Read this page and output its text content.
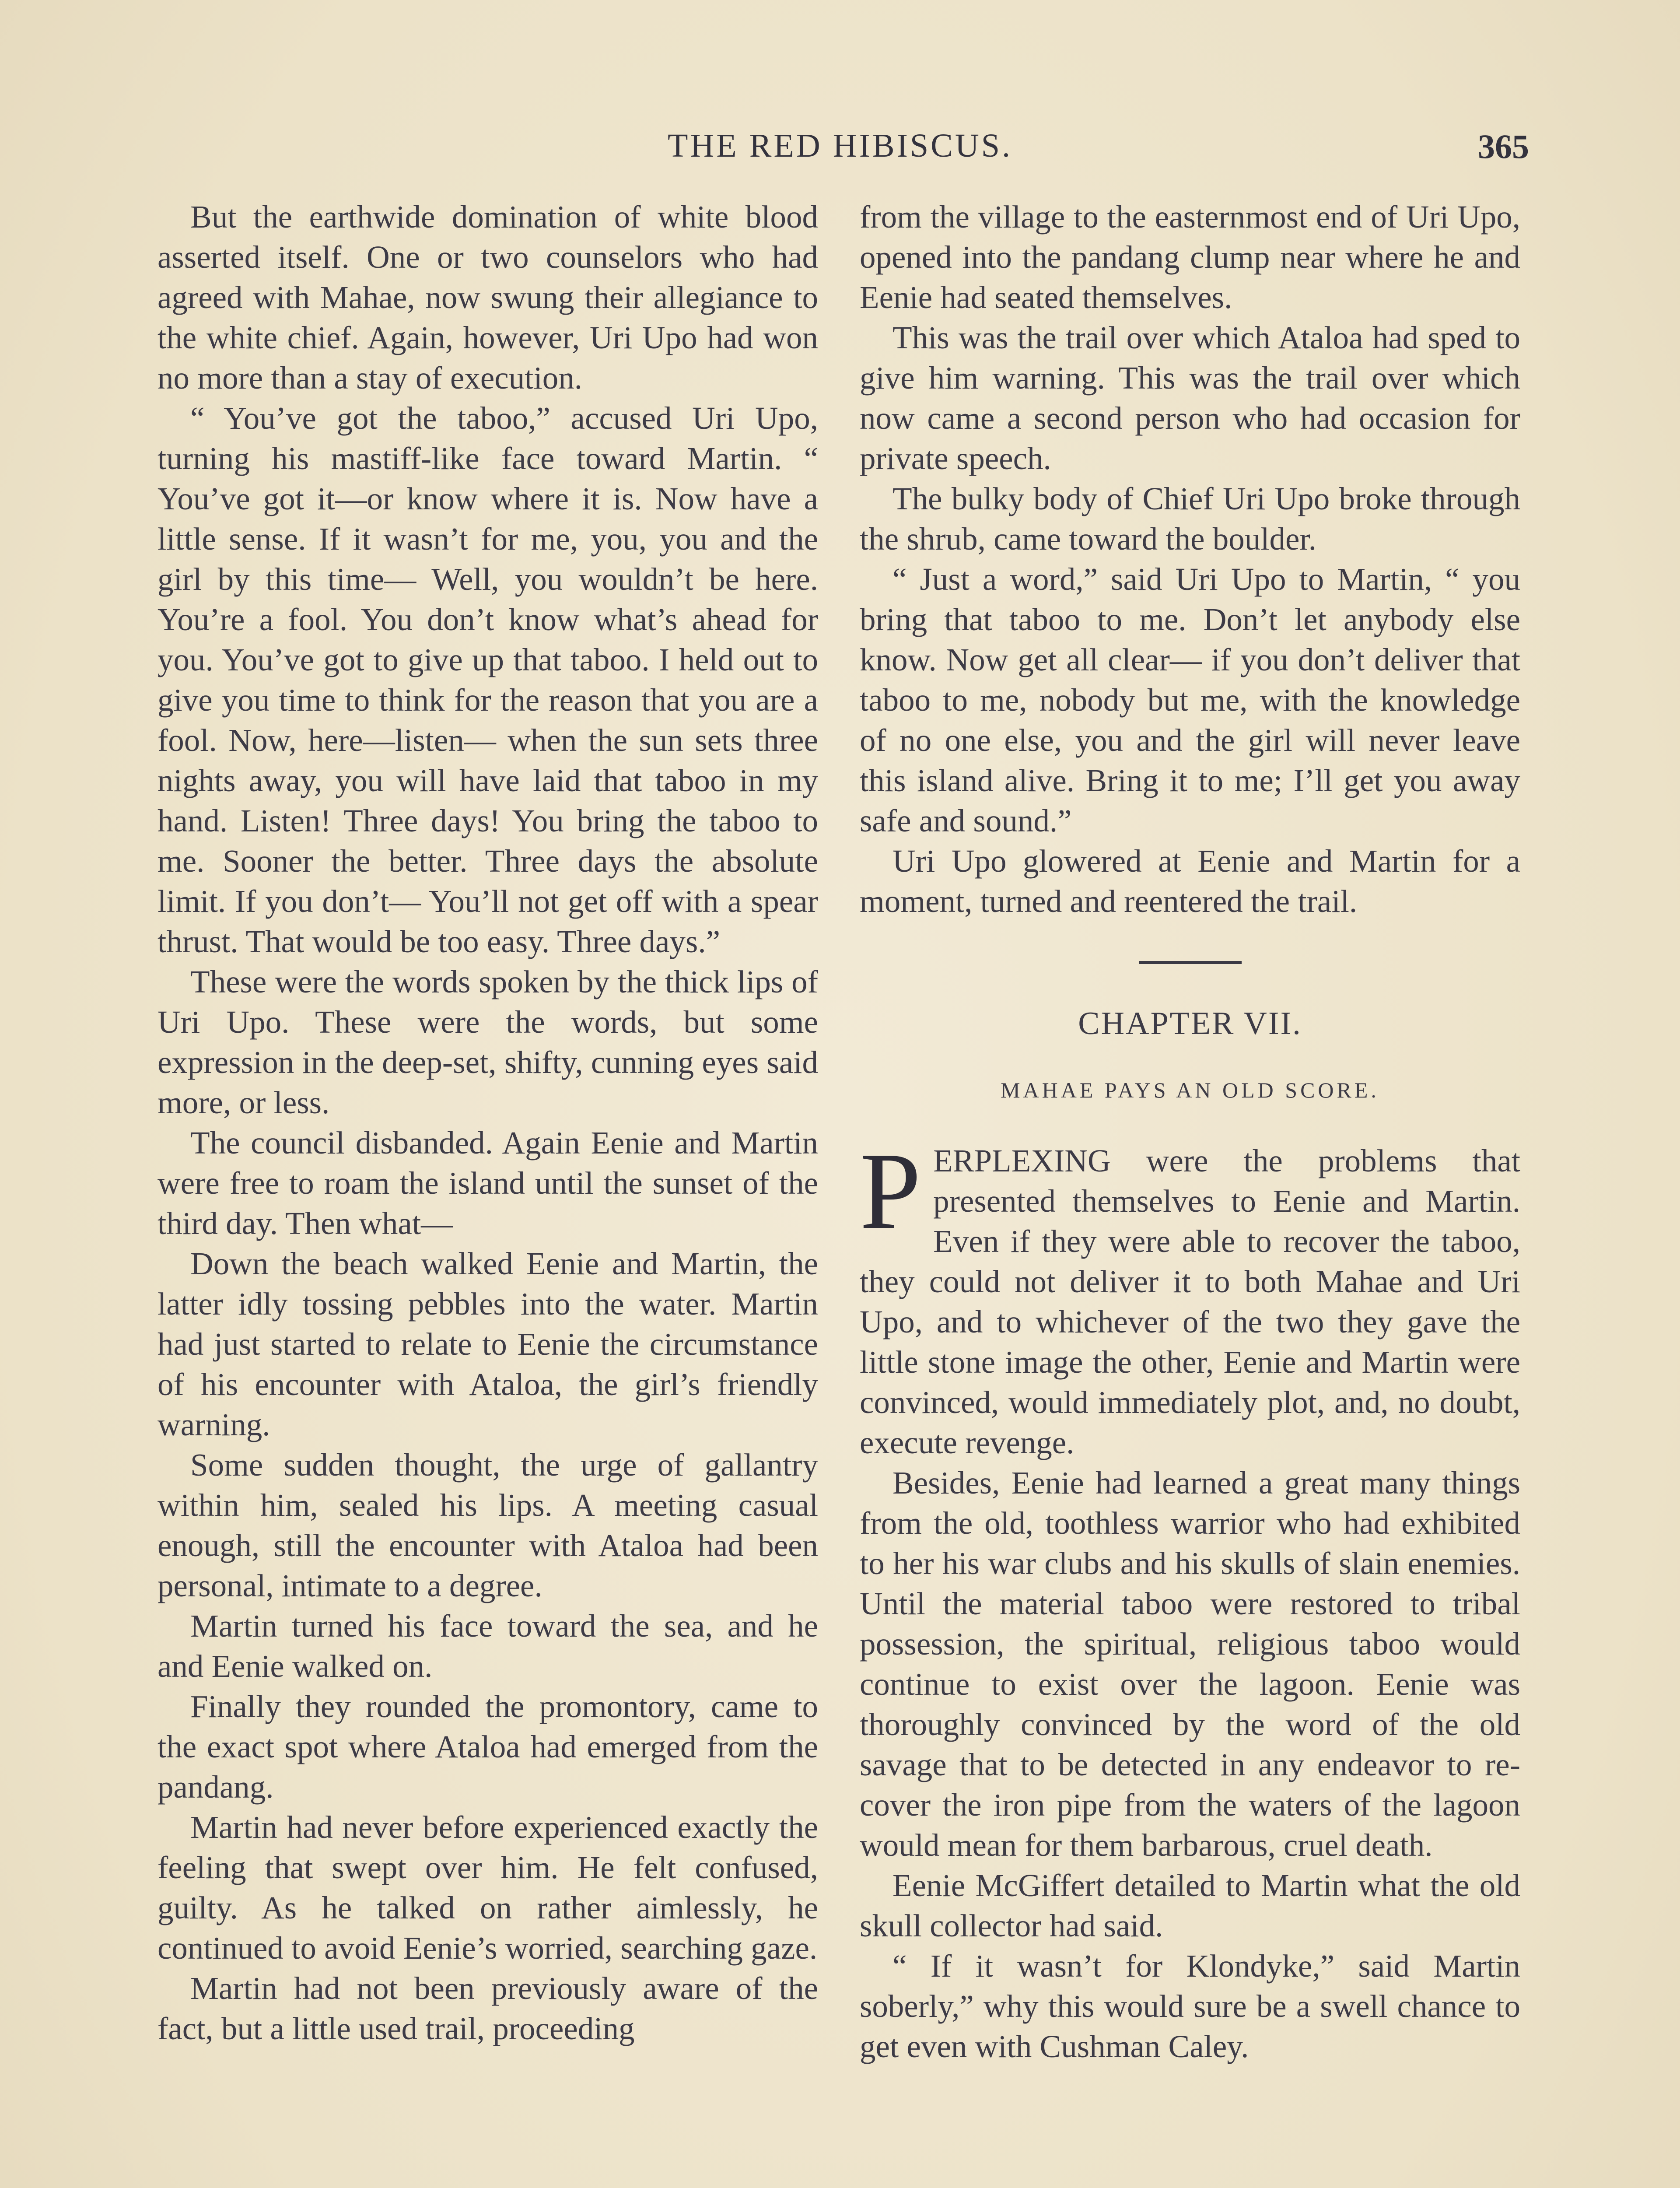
THE RED HIBISCUS.	365

But the earthwide domination of white blood asserted itself. One or two counselors who had agreed with Mahae, now swung their allegiance to the white chief. Again, however, Uri Upo had won no more than a stay of execution.

“ You’ve got the taboo,” accused Uri Upo, turning his mastiff-like face toward Martin. “ You’ve got it—or know where it is. Now have a little sense. If it wasn’t for me, you, you and the girl by this time— Well, you wouldn’t be here. You’re a fool. You don’t know what’s ahead for you. You’ve got to give up that taboo. I held out to give you time to think for the reason that you are a fool. Now, here—listen— when the sun sets three nights away, you will have laid that taboo in my hand. Listen! Three days! You bring the taboo to me. Sooner the better. Three days the absolute limit. If you don’t— You’ll not get off with a spear thrust. That would be too easy. Three days.”

These were the words spoken by the thick lips of Uri Upo. These were the words, but some expression in the deep-set, shifty, cunning eyes said more, or less.

The council disbanded. Again Eenie and Martin were free to roam the island until the sunset of the third day. Then what—

Down the beach walked Eenie and Martin, the latter idly tossing pebbles into the water. Martin had just started to relate to Eenie the circumstance of his encounter with Ataloa, the girl’s friendly warning.

Some sudden thought, the urge of gallantry within him, sealed his lips. A meeting casual enough, still the encounter with Ataloa had been personal, intimate to a degree.

Martin turned his face toward the sea, and he and Eenie walked on.

Finally they rounded the promontory, came to the exact spot where Ataloa had emerged from the pandang.

Martin had never before experienced exactly the feeling that swept over him. He felt confused, guilty. As he talked on rather aimlessly, he continued to avoid Eenie’s worried, searching gaze.

Martin had not been previously aware of the fact, but a little used trail, proceeding

from the village to the easternmost end of Uri Upo, opened into the pandang clump near where he and Eenie had seated themselves.

This was the trail over which Ataloa had sped to give him warning. This was the trail over which now came a second person who had occasion for private speech.

The bulky body of Chief Uri Upo broke through the shrub, came toward the boulder.

“ Just a word,” said Uri Upo to Martin, “ you bring that taboo to me. Don’t let anybody else know. Now get all clear— if you don’t deliver that taboo to me, nobody but me, with the knowledge of no one else, you and the girl will never leave this island alive. Bring it to me; I’ll get you away safe and sound.”

Uri Upo glowered at Eenie and Martin for a moment, turned and reentered the trail.

CHAPTER VII.
MAHAE PAYS AN OLD SCORE.

PERPLEXING were the problems that presented themselves to Eenie and Martin. Even if they were able to recover the taboo, they could not deliver it to both Mahae and Uri Upo, and to whichever of the two they gave the little stone image the other, Eenie and Martin were convinced, would immediately plot, and, no doubt, execute revenge.

Besides, Eenie had learned a great many things from the old, toothless warrior who had exhibited to her his war clubs and his skulls of slain enemies. Until the material taboo were restored to tribal possession, the spiritual, religious taboo would continue to exist over the lagoon. Eenie was thoroughly convinced by the word of the old savage that to be detected in any endeavor to recover the iron pipe from the waters of the lagoon would mean for them barbarous, cruel death.

Eenie McGiffert detailed to Martin what the old skull collector had said.

“ If it wasn’t for Klondyke,” said Martin soberly,” why this would sure be a swell chance to get even with Cushman Caley.
